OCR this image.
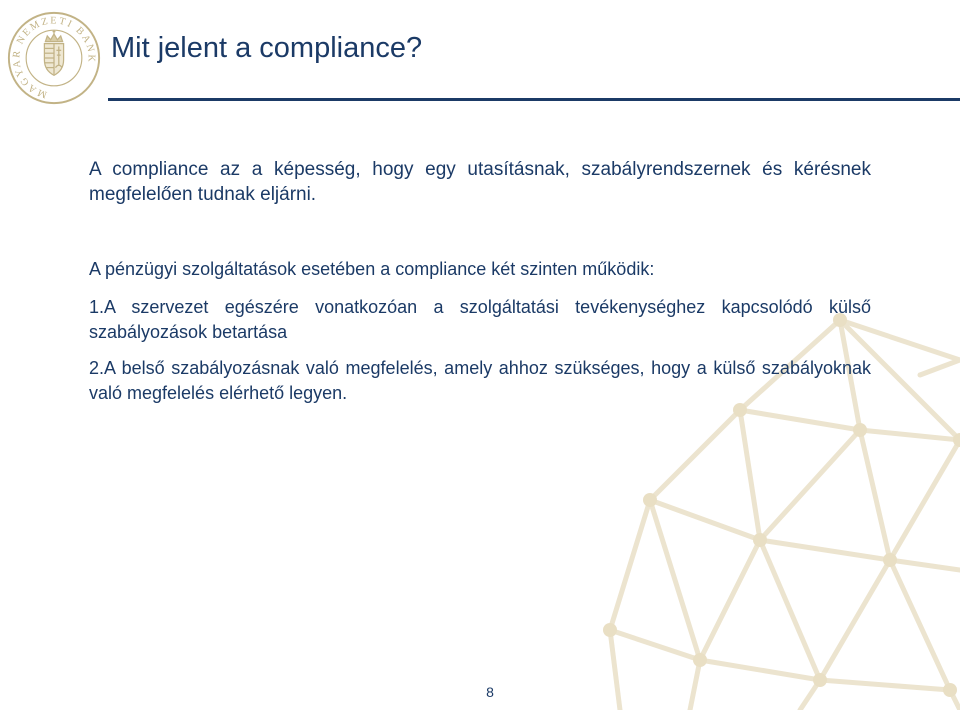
MAGYAR NEMZETI BANK Mit jelent a compliance?

A compliance az a képesség, hogy egy utasításnak, szabályrendszernek és kérésnek megfelelően tudnak eljárni.

A pénzügyi szolgáltatások esetében a compliance két szinten működik:

1.A szervezet egészére vonatkozóan a szolgáltatási tevékenységhez kapcsolódó külső szabályozások betartása

2.A belső szabályozásnak való megfelelés, amely ahhoz szükséges, hogy a külső szabályoknak való megfelelés elérhető legyen.

8
